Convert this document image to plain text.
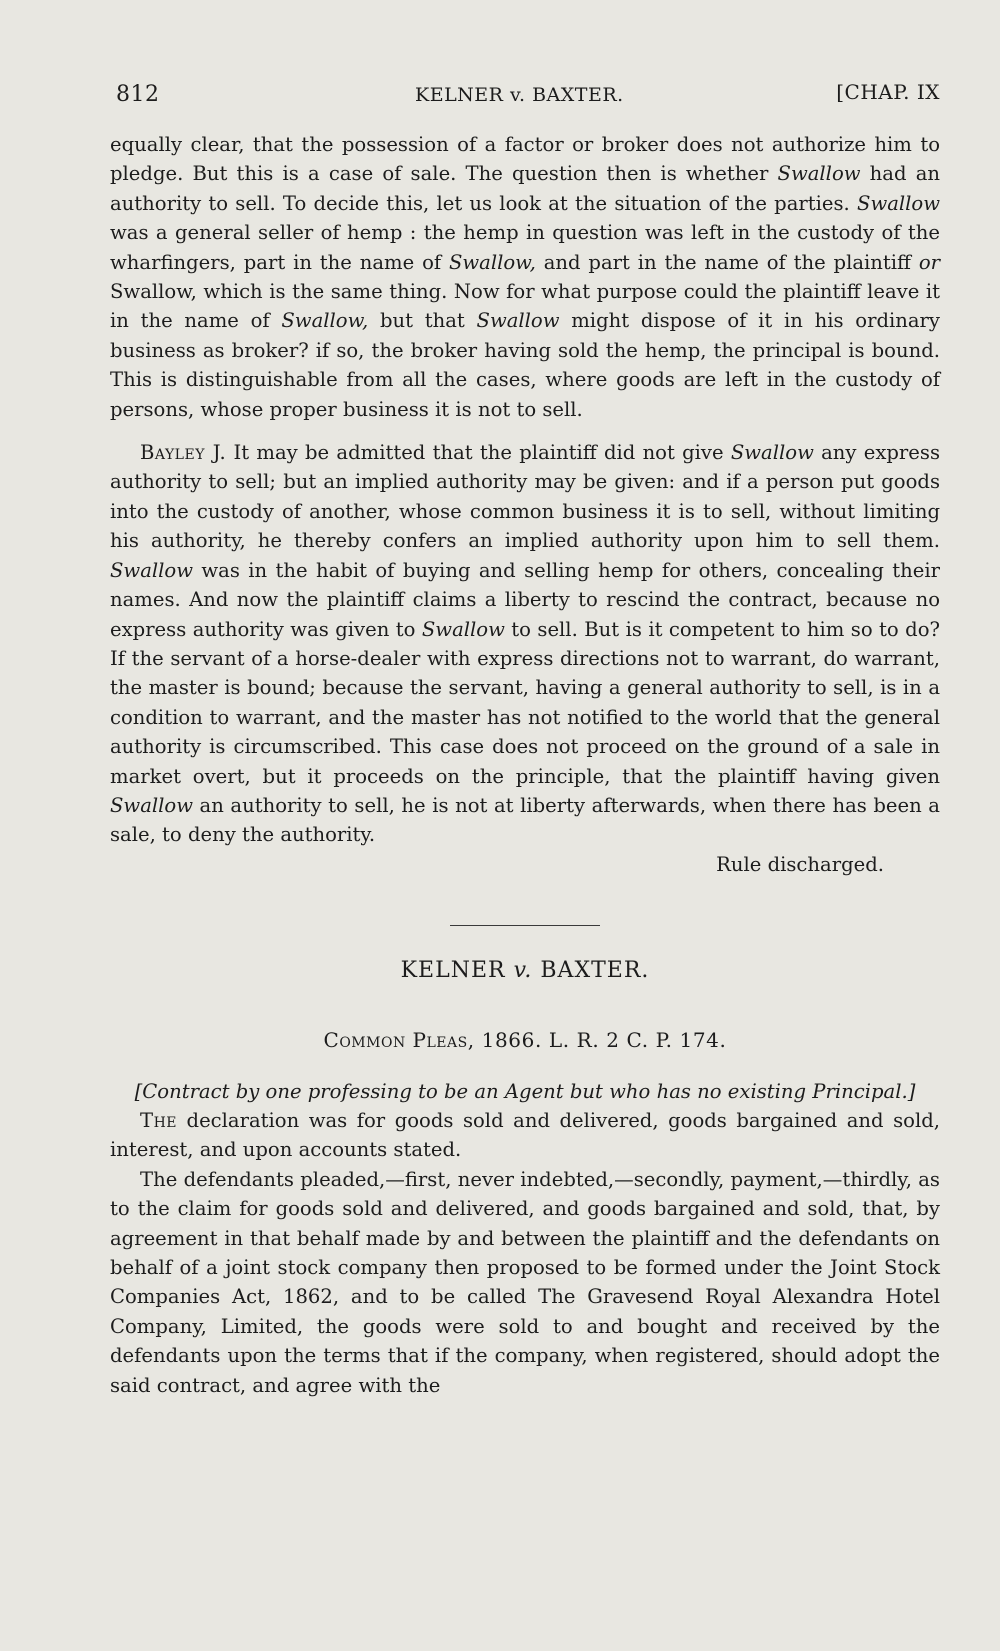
812	KELNER v. BAXTER.	[CHAP. IX

equally clear, that the possession of a factor or broker does not authorize him to pledge. But this is a case of sale. The question then is whether Swallow had an authority to sell. To decide this, let us look at the situation of the parties. Swallow was a general seller of hemp : the hemp in question was left in the custody of the wharfingers, part in the name of Swallow, and part in the name of the plaintiff or Swallow, which is the same thing. Now for what purpose could the plaintiff leave it in the name of Swallow, but that Swallow might dispose of it in his ordinary business as broker? if so, the broker having sold the hemp, the principal is bound. This is distinguishable from all the cases, where goods are left in the custody of persons, whose proper business it is not to sell.

Bayley J. It may be admitted that the plaintiff did not give Swallow any express authority to sell; but an implied authority may be given: and if a person put goods into the custody of another, whose common business it is to sell, without limiting his authority, he thereby confers an implied authority upon him to sell them. Swallow was in the habit of buying and selling hemp for others, concealing their names. And now the plaintiff claims a liberty to rescind the contract, because no express authority was given to Swallow to sell. But is it competent to him so to do? If the servant of a horse-dealer with express directions not to warrant, do warrant, the master is bound; because the servant, having a general authority to sell, is in a condition to warrant, and the master has not notified to the world that the general authority is circumscribed. This case does not proceed on the ground of a sale in market overt, but it proceeds on the principle, that the plaintiff having given Swallow an authority to sell, he is not at liberty afterwards, when there has been a sale, to deny the authority.

Rule discharged.

KELNER v. BAXTER.
Common Pleas, 1866. L. R. 2 C. P. 174.
[Contract by one professing to be an Agent but who has no existing Principal.]

The declaration was for goods sold and delivered, goods bargained and sold, interest, and upon accounts stated.

The defendants pleaded,—first, never indebted,—secondly, payment,—thirdly, as to the claim for goods sold and delivered, and goods bargained and sold, that, by agreement in that behalf made by and between the plaintiff and the defendants on behalf of a joint stock company then proposed to be formed under the Joint Stock Companies Act, 1862, and to be called The Gravesend Royal Alexandra Hotel Company, Limited, the goods were sold to and bought and received by the defendants upon the terms that if the company, when registered, should adopt the said contract, and agree with the
